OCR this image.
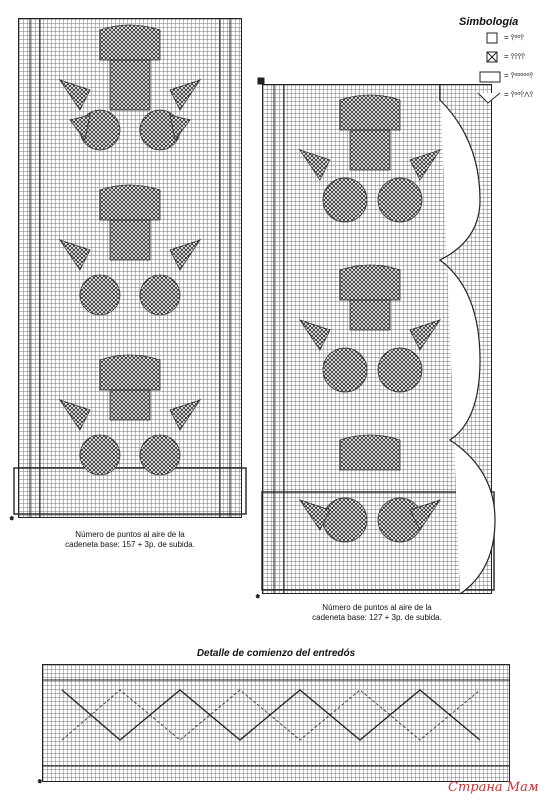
*
*
*
Simbología
= ⫯ᵒᵒ⫯
= ⫯⫯⫯⫯
= ⫯ᵒᵒᵒᵒᵒ⫯
= ⫯ᵒᵒ⫯⋀⫯
Número de puntos al aire de la
cadeneta base: 157 + 3p. de subida.
Número de puntos al aire de la
cadeneta base: 127 + 3p. de subida.
Detalle de comienzo del entredós
Страна Мам
